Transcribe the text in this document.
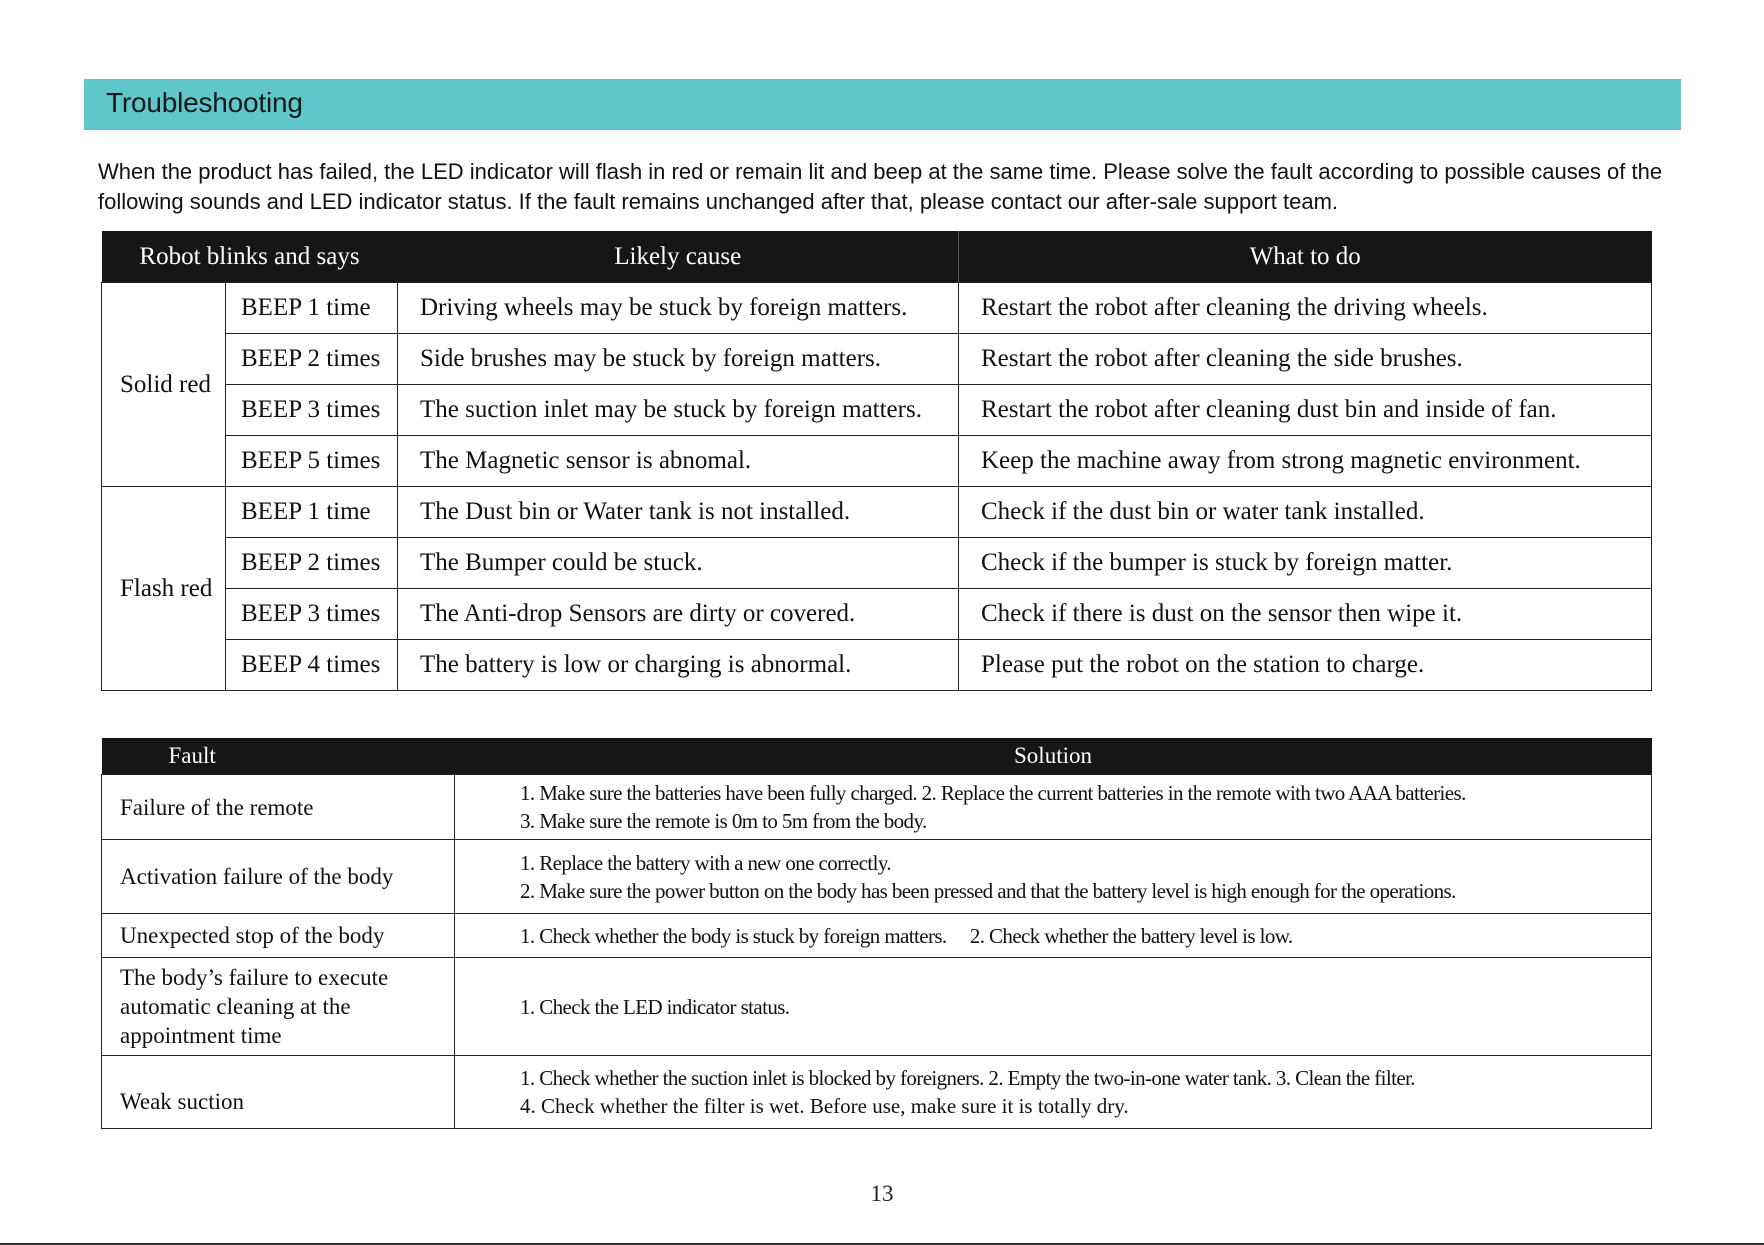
Troubleshooting
When the product has failed, the LED indicator will flash in red or remain lit and beep at the same time. Please solve the fault according to possible causes of the following sounds and LED indicator status. If the fault remains unchanged after that, please contact our after-sale support team.
Robot blinks and says		Likely cause	What to do
Solid red	BEEP 1 time	Driving wheels may be stuck by foreign matters.	Restart the robot after cleaning the driving wheels.
	BEEP 2 times	Side brushes may be stuck by foreign matters.	Restart the robot after cleaning the side brushes.
	BEEP 3 times	The suction inlet may be stuck by foreign matters.	Restart the robot after cleaning dust bin and inside of fan.
	BEEP 5 times	The Magnetic sensor is abnomal.	Keep the machine away from strong magnetic environment.
Flash red	BEEP 1 time	The Dust bin or Water tank is not installed.	Check if the dust bin or water tank installed.
	BEEP 2 times	The Bumper could be stuck.	Check if the bumper is stuck by foreign matter.
	BEEP 3 times	The Anti-drop Sensors are dirty or covered.	Check if there is dust on the sensor then wipe it.
	BEEP 4 times	The battery is low or charging is abnormal.	Please put the robot on the station to charge.
Fault	Solution
Failure of the remote	1. Make sure the batteries have been fully charged. 2. Replace the current batteries in the remote with two AAA batteries.
3. Make sure the remote is 0m to 5m from the body.

Activation failure of the body	1. Replace the battery with a new one correctly.
2. Make sure the power button on the body has been pressed and that the battery level is high enough for the operations.

Unexpected stop of the body	1. Check whether the body is stuck by foreign matters.     2. Check whether the battery level is low.

The body’s failure to execute automatic cleaning at the appointment time	1. Check the LED indicator status.

Weak suction	1. Check whether the suction inlet is blocked by foreigners. 2. Empty the two-in-one water tank. 3. Clean the filter.
4. Check whether the filter is wet. Before use, make sure it is totally dry.
13
